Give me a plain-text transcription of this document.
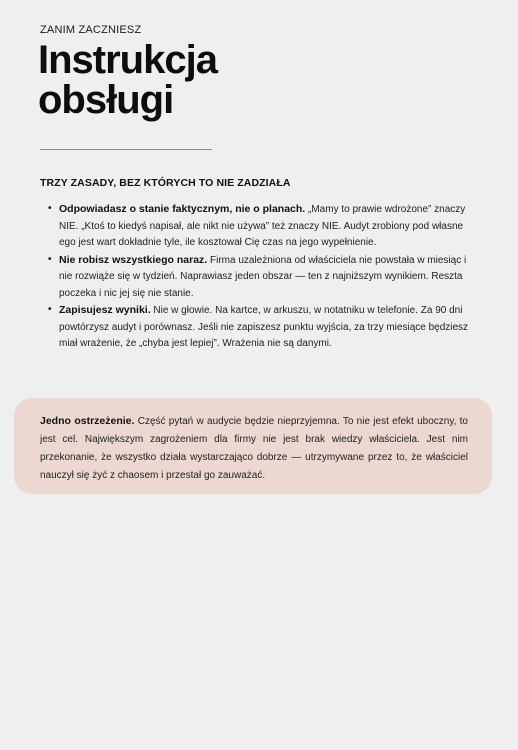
ZANIM ZACZNIESZ
Instrukcja
obsługi
TRZY ZASADY, BEZ KTÓRYCH TO NIE ZADZIAŁA
• Odpowiadasz o stanie faktycznym, nie o planach. „Mamy to prawie wdrożone” znaczy NIE. „Ktoś to kiedyś napisał, ale nikt nie używa” też znaczy NIE. Audyt zrobiony pod własne ego jest wart dokładnie tyle, ile kosztował Cię czas na jego wypełnienie.
• Nie robisz wszystkiego naraz. Firma uzależniona od właściciela nie powstała w miesiąc i nie rozwiąże się w tydzień. Naprawiasz jeden obszar — ten z najniższym wynikiem. Reszta poczeka i nic jej się nie stanie.
• Zapisujesz wyniki. Nie w głowie. Na kartce, w arkuszu, w notatniku w telefonie. Za 90 dni powtórzysz audyt i porównasz. Jeśli nie zapiszesz punktu wyjścia, za trzy miesiące będziesz miał wrażenie, że „chyba jest lepiej”. Wrażenia nie są danymi.
Jedno ostrzeżenie. Część pytań w audycie będzie nieprzyjemna. To nie jest efekt uboczny, to jest cel. Największym zagrożeniem dla firmy nie jest brak wiedzy właściciela. Jest nim przekonanie, że wszystko działa wystarczająco dobrze — utrzymywane przez to, że właściciel nauczył się żyć z chaosem i przestał go zauważać.
